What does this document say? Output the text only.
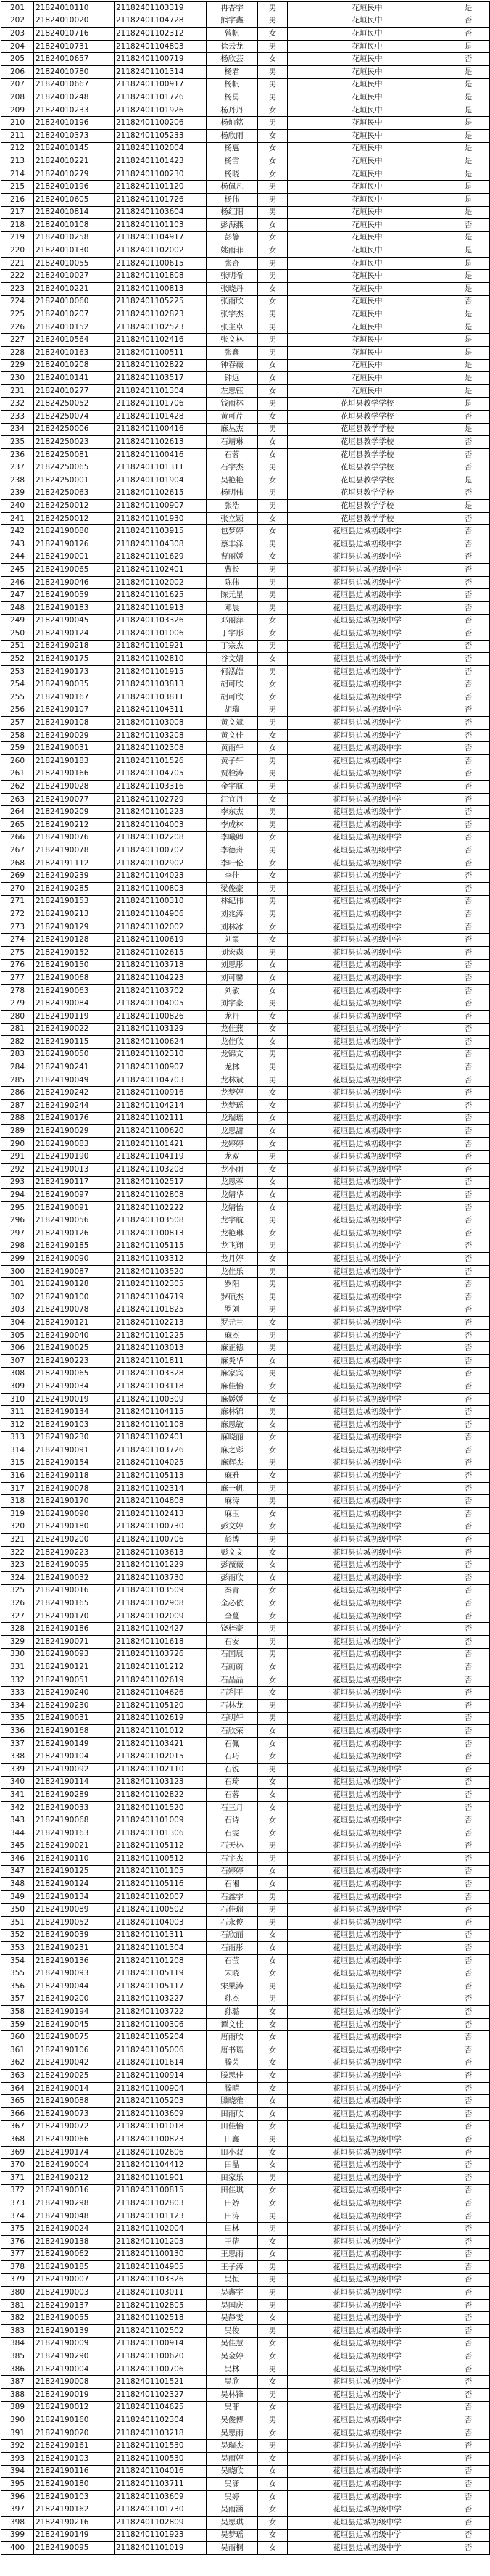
201	21824010110	21182401103319	冉杏宇	男	花垣民中	是
202	21824010020	21182401104728	熊宇鑫	男	花垣民中	否
203	21824010716	21182401102312	曾帆	女	花垣民中	否
204	21824010731	21182401104803	徐云龙	男	花垣民中	是
205	21824010657	21182401100719	杨欣芸	女	花垣民中	否
206	21824010780	21182401101314	杨君	男	花垣民中	是
207	21824010667	21182401100917	杨帆	男	花垣民中	是
208	21824010248	21182401101726	杨勇	男	花垣民中	是
209	21824010233	21182401101926	杨丹丹	女	花垣民中	是
210	21824010196	21182401100206	杨灿铭	男	花垣民中	是
211	21824010373	21182401105233	杨欣雨	女	花垣民中	是
212	21824010145	21182401102004	杨惠	女	花垣民中	是
213	21824010221	21182401101423	杨雪	女	花垣民中	是
214	21824010279	21182401100230	杨晓	女	花垣民中	是
215	21824010196	21182401101120	杨佩凡	男	花垣民中	是
216	21824010605	21182401101726	杨伟	男	花垣民中	是
217	21824010814	21182401103604	杨红阳	男	花垣民中	是
218	21824010108	21182401101103	彭海燕	女	花垣民中	否
219	21824010258	21182401104917	彭静	女	花垣民中	是
220	21824010130	21182401102002	姚雨菲	女	花垣民中	是
221	21824010055	21182401100615	张奇	男	花垣民中	是
222	21824010027	21182401101808	张明希	男	花垣民中	是
223	21824010221	21182401100813	张晓丹	女	花垣民中	是
224	21824010060	21182401105225	张雨欣	女	花垣民中	否
225	21824010207	21182401102823	张宇杰	男	花垣民中	是
226	21824010152	21182401102523	张主卓	男	花垣民中	是
227	21824010564	21182401102416	张文林	男	花垣民中	是
228	21824010163	21182401100511	张鑫	男	花垣民中	是
229	21824010208	21182401102822	钟春薇	女	花垣民中	是
230	21824010141	21182401103517	钟远	女	花垣民中	是
231	21824010277	21182401101304	左思钰	女	花垣民中	是
232	21824250052	21182401101706	钱雨林	男	花垣县教学学校	是
233	21824250074	21182401101428	黄可芹	女	花垣县教学学校	否
234	21824250006	21182401100416	麻丛杰	男	花垣县教学学校	是
235	21824250023	21182401102613	石靖琳	女	花垣县教学学校	否
236	21824250081	21182401100416	石蓉	女	花垣县教学学校	否
237	21824250065	21182401101311	石宇杰	男	花垣县教学学校	否
238	21824250001	21182401101904	吴艳艳	女	花垣县教学学校	是
239	21824250063	21182401102615	杨明伟	男	花垣县教学学校	否
240	21824250012	21182401100907	张浩	男	花垣县教学学校	是
241	21824250012	21182401101930	张立颖	女	花垣县教学学校	否
242	21824190080	21182401103915	包梦婷	女	花垣县边城初级中学	否
243	21824190126	21182401104308	蔡丰泽	男	花垣县边城初级中学	否
244	21824190001	21182401101629	曹丽媛	女	花垣县边城初级中学	否
245	21824190065	21182401102401	曹长	男	花垣县边城初级中学	否
246	21824190046	21182401102002	陈伟	男	花垣县边城初级中学	否
247	21824190059	21182401101625	陈元星	男	花垣县边城初级中学	否
248	21824190183	21182401101913	邓晨	男	花垣县边城初级中学	否
249	21824190045	21182401103326	邓丽萍	女	花垣县边城初级中学	否
250	21824190124	21182401101006	丁宇彤	女	花垣县边城初级中学	否
251	21824190218	21182401101921	丁宗杰	男	花垣县边城初级中学	否
252	21824190175	21182401102810	谷文婧	女	花垣县边城初级中学	否
253	21824190173	21182401101915	何泓皓	男	花垣县边城初级中学	否
254	21824190035	21182401103813	胡可欣	女	花垣县边城初级中学	否
255	21824190167	21182401103811	胡可欣	女	花垣县边城初级中学	否
256	21824190107	21182401104311	胡瑞	男	花垣县边城初级中学	否
257	21824190108	21182401103008	黄文斌	男	花垣县边城初级中学	否
258	21824190029	21182401103208	黄文佳	女	花垣县边城初级中学	否
259	21824190031	21182401102308	黄雨轩	女	花垣县边城初级中学	否
260	21824190183	21182401101526	黄子轩	男	花垣县边城初级中学	否
261	21824190166	21182401104705	贾栓涛	男	花垣县边城初级中学	否
262	21824190028	21182401103316	金宇航	男	花垣县边城初级中学	否
263	21824190077	21182401102729	江宜丹	女	花垣县边城初级中学	否
264	21824190209	21182401101223	李东杰	男	花垣县边城初级中学	否
265	21824190212	21182401104003	李成林	男	花垣县边城初级中学	否
266	21824190076	21182401102208	李曦卿	女	花垣县边城初级中学	否
267	21824190078	21182401100702	李德舟	男	花垣县边城初级中学	否
268	21824191112	21182401102902	李叶伦	女	花垣县边城初级中学	否
269	21824190239	21182401104023	李佳	女	花垣县边城初级中学	否
270	21824190285	21182401100803	梁俊豪	男	花垣县边城初级中学	否
271	21824190153	21182401100310	林纪伟	男	花垣县边城初级中学	否
272	21824190213	21182401104906	刘兆涛	男	花垣县边城初级中学	否
273	21824190129	21182401102002	刘林冰	女	花垣县边城初级中学	否
274	21824190128	21182401100619	刘霞	女	花垣县边城初级中学	否
275	21824190152	21182401102615	刘宏森	男	花垣县边城初级中学	否
276	21824190150	21182401103718	刘思彤	女	花垣县边城初级中学	否
277	21824190068	21182401104223	刘可馨	女	花垣县边城初级中学	否
278	21824190063	21182401103702	刘敏	女	花垣县边城初级中学	否
279	21824190084	21182401104005	刘宇豪	男	花垣县边城初级中学	否
280	21824190119	21182401100826	龙丹	女	花垣县边城初级中学	否
281	21824190022	21182401103129	龙佳燕	女	花垣县边城初级中学	否
282	21824190115	21182401100624	龙佳欣	女	花垣县边城初级中学	否
283	21824190050	21182401102310	龙锦文	男	花垣县边城初级中学	否
284	21824190241	21182401100907	龙林	男	花垣县边城初级中学	否
285	21824190049	21182401104703	龙林斌	男	花垣县边城初级中学	否
286	21824190242	21182401100916	龙梦婷	女	花垣县边城初级中学	否
287	21824190244	21182401104214	龙梦瑶	女	花垣县边城初级中学	否
288	21824190176	21182401102111	龙瑞瑶	女	花垣县边城初级中学	否
289	21824190029	21182401100620	龙思甜	女	花垣县边城初级中学	否
290	21824190083	21182401101421	龙婷婷	女	花垣县边城初级中学	否
291	21824190190	21182401104119	龙双	男	花垣县边城初级中学	否
292	21824190013	21182401103208	龙小雨	女	花垣县边城初级中学	否
293	21824190117	21182401102517	龙思蓉	女	花垣县边城初级中学	否
294	21824190097	21182401102808	龙婧华	女	花垣县边城初级中学	否
295	21824190091	21182401102222	龙婧怡	女	花垣县边城初级中学	否
296	21824190056	21182401103508	龙宇航	男	花垣县边城初级中学	否
297	21824190126	21182401100813	龙艳琳	女	花垣县边城初级中学	否
298	21824190185	21182401105115	龙飞翔	男	花垣县边城初级中学	否
299	21824190090	21182401103312	龙月婷	女	花垣县边城初级中学	否
300	21824190087	21182401103520	龙佳乐	男	花垣县边城初级中学	否
301	21824190128	21182401102305	罗阳	男	花垣县边城初级中学	否
302	21824190100	21182401104719	罗硕杰	男	花垣县边城初级中学	否
303	21824190078	21182401101825	罗刘	男	花垣县边城初级中学	否
304	21824190121	21182401102213	罗元兰	女	花垣县边城初级中学	否
305	21824190040	21182401101225	麻杰	男	花垣县边城初级中学	否
306	21824190025	21182401103013	麻正德	男	花垣县边城初级中学	否
307	21824190223	21182401101811	麻炎华	女	花垣县边城初级中学	否
308	21824190065	21182401103328	麻家宾	男	花垣县边城初级中学	否
309	21824190034	21182401103118	麻佳怡	女	花垣县边城初级中学	否
310	21824190019	21182401100309	麻媛媛	女	花垣县边城初级中学	否
311	21824190134	21182401104115	麻林锦	男	花垣县边城初级中学	否
312	21824190103	21182401101108	麻思敏	女	花垣县边城初级中学	否
313	21824190230	21182401102401	麻晓丽	女	花垣县边城初级中学	否
314	21824190091	21182401103726	麻之彩	女	花垣县边城初级中学	否
315	21824190154	21182401104025	麻辉杰	男	花垣县边城初级中学	否
316	21824190118	21182401105113	麻雅	女	花垣县边城初级中学	否
317	21824190078	21182401102314	麻一帆	男	花垣县边城初级中学	否
318	21824190170	21182401104808	麻涛	男	花垣县边城初级中学	否
319	21824190090	21182401102413	麻玉	女	花垣县边城初级中学	否
320	21824190180	21182401100730	彭文婷	女	花垣县边城初级中学	否
321	21824190200	21182401100706	彭博	男	花垣县边城初级中学	否
322	21824190223	21182401103613	彭文文	女	花垣县边城初级中学	否
323	21824190095	21182401101229	彭薇薇	女	花垣县边城初级中学	否
324	21824190032	21182401103730	彭雨欣	女	花垣县边城初级中学	否
325	21824190016	21182401103509	秦青	女	花垣县边城初级中学	否
326	21824190165	21182401102908	全必依	女	花垣县边城初级中学	否
327	21824190170	21182401102009	全蔓	女	花垣县边城初级中学	否
328	21824190186	21182401102427	饶梓豪	男	花垣县边城初级中学	否
329	21824190071	21182401101618	石安	男	花垣县边城初级中学	否
330	21824190093	21182401103726	石国辰	男	花垣县边城初级中学	否
331	21824190121	21182401101212	石蔚蔚	女	花垣县边城初级中学	否
332	21824190051	21182401102619	石晶晶	女	花垣县边城初级中学	否
333	21824190240	21182401104626	石利平	女	花垣县边城初级中学	否
334	21824190230	21182401105120	石林龙	男	花垣县边城初级中学	否
335	21824190031	21182401102619	石明轩	男	花垣县边城初级中学	否
336	21824190168	21182401101012	石欣荣	女	花垣县边城初级中学	否
337	21824190149	21182401103421	石佩	女	花垣县边城初级中学	否
338	21824190104	21182401102015	石巧	女	花垣县边城初级中学	否
339	21824190092	21182401102110	石锐	男	花垣县边城初级中学	否
340	21824190114	21182401103123	石琦	女	花垣县边城初级中学	否
341	21824190289	21182401102822	石蓉	女	花垣县边城初级中学	否
342	21824190033	21182401101520	石三月	女	花垣县边城初级中学	否
343	21824190068	21182401101009	石诗	女	花垣县边城初级中学	否
344	21824190163	21182401101306	石雯	女	花垣县边城初级中学	否
345	21824190021	21182401105112	石天林	男	花垣县边城初级中学	否
346	21824190110	21182401100512	石宇杰	男	花垣县边城初级中学	否
347	21824190125	21182401101105	石婷婷	女	花垣县边城初级中学	否
348	21824190124	21182401105116	石湘	女	花垣县边城初级中学	否
349	21824190134	21182401102007	石鑫宇	男	花垣县边城初级中学	否
350	21824190089	21182401100502	石佳瑞	男	花垣县边城初级中学	否
351	21824190052	21182401104003	石永俊	男	花垣县边城初级中学	否
352	21824190039	21182401101311	石欣丽	女	花垣县边城初级中学	否
353	21824190231	21182401101304	石雨彤	女	花垣县边城初级中学	否
354	21824190136	21182401101208	石莹	女	花垣县边城初级中学	否
355	21824190093	21182401105119	宋晓	女	花垣县边城初级中学	否
356	21824190044	21182401105117	宋果涛	男	花垣县边城初级中学	否
357	21824190200	21182401103227	孙杰	男	花垣县边城初级中学	否
358	21824190194	21182401103722	孙璐	女	花垣县边城初级中学	否
359	21824190045	21182401100306	谭文佳	女	花垣县边城初级中学	否
360	21824190075	21182401105204	唐雨欣	女	花垣县边城初级中学	否
361	21824190106	21182401105006	唐书瑶	女	花垣县边城初级中学	否
362	21824190042	21182401101614	滕芸	女	花垣县边城初级中学	否
363	21824190025	21182401100914	滕思佳	女	花垣县边城初级中学	否
364	21824190014	21182401100904	滕晴	女	花垣县边城初级中学	否
365	21824190088	21182401105203	滕晓雅	女	花垣县边城初级中学	否
366	21824190073	21182401103609	田雨欣	女	花垣县边城初级中学	否
367	21824190072	21182401101018	田佳怡	女	花垣县边城初级中学	否
368	21824190066	21182401100823	田鑫	男	花垣县边城初级中学	否
369	21824190174	21182401102606	田小双	女	花垣县边城初级中学	否
370	21824190004	21182401104412	田晶	女	花垣县边城初级中学	否
371	21824190212	21182401101901	田家乐	男	花垣县边城初级中学	否
372	21824190016	21182401100815	田佳琪	女	花垣县边城初级中学	否
373	21824190298	21182401102803	田娇	女	花垣县边城初级中学	否
374	21824190048	21182401101123	田涛	男	花垣县边城初级中学	否
375	21824190024	21182401102004	田林	男	花垣县边城初级中学	否
376	21824190138	21182401101203	王倩	女	花垣县边城初级中学	否
377	21824190062	21182401100130	王思雨	女	花垣县边城初级中学	否
378	21824190185	21182401104905	王子涛	男	花垣县边城初级中学	否
379	21824190007	21182401103326	吴恒	男	花垣县边城初级中学	否
380	21824190003	21182401103011	吴鑫宇	男	花垣县边城初级中学	否
381	21824190137	21182401102805	吴国庆	男	花垣县边城初级中学	否
382	21824190055	21182401102518	吴静雯	女	花垣县边城初级中学	否
383	21824190139	21182401102502	吴俊	男	花垣县边城初级中学	否
384	21824190009	21182401100914	吴佳慧	女	花垣县边城初级中学	否
385	21824190290	21182401100620	吴金婷	女	花垣县边城初级中学	否
386	21824190004	21182401100706	吴林	男	花垣县边城初级中学	否
387	21824190008	21182401101521	吴欣	女	花垣县边城初级中学	否
388	21824190019	21182401102327	吴林锋	男	花垣县边城初级中学	否
389	21824190012	21182401104625	吴菲	女	花垣县边城初级中学	否
390	21824190160	21182401102304	吴俊博	男	花垣县边城初级中学	否
391	21824190020	21182401103218	吴思雨	女	花垣县边城初级中学	否
392	21824190161	21182401101530	吴瑞杰	男	花垣县边城初级中学	否
393	21824190103	21182401100530	吴雨婷	女	花垣县边城初级中学	否
394	21824190116	21182401104016	吴晓欣	女	花垣县边城初级中学	否
395	21824190180	21182401103711	吴潇	女	花垣县边城初级中学	否
396	21824190103	21182401103609	吴婷	女	花垣县边城初级中学	否
397	21824190162	21182401101730	吴雨涵	女	花垣县边城初级中学	否
398	21824190216	21182401102809	吴思琪	女	花垣县边城初级中学	否
399	21824190149	21182401101923	吴梦瑶	女	花垣县边城初级中学	否
400	21824190095	21182401101019	吴雨桐	女	花垣县边城初级中学	否
